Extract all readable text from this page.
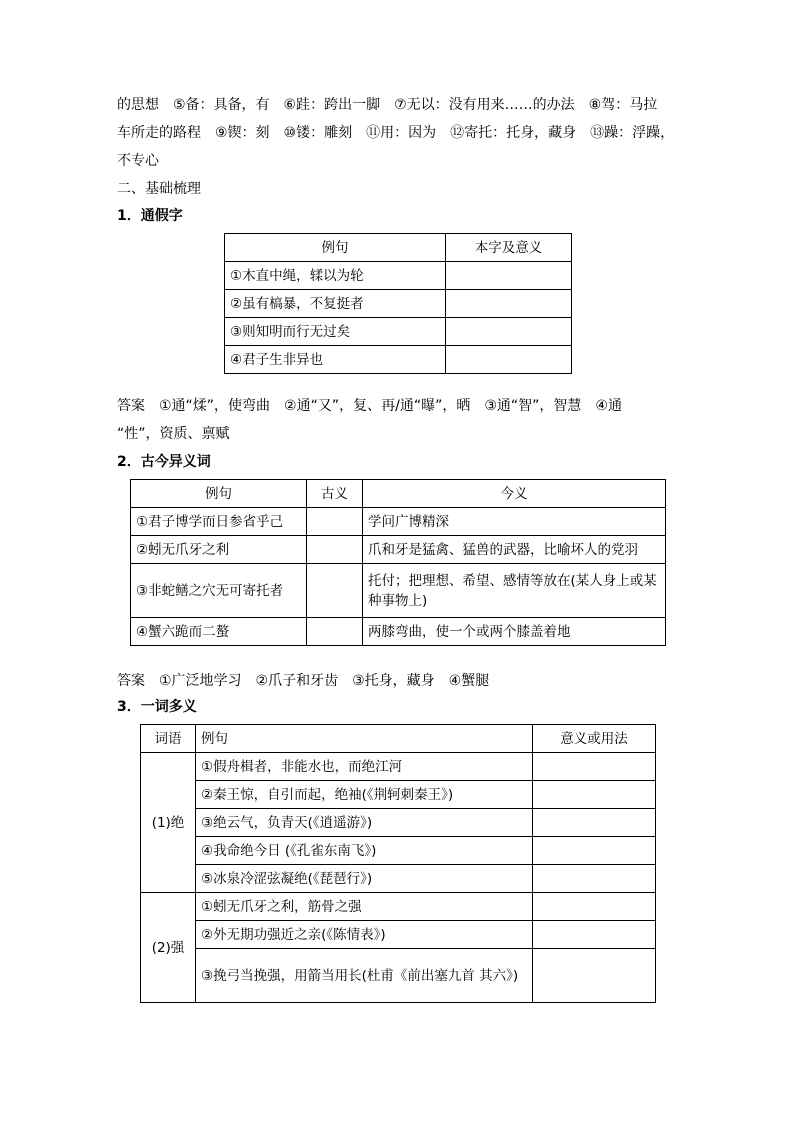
的思想　⑤备：具备，有　⑥跬：跨出一脚　⑦无以：没有用来……的办法　⑧驾：马拉
车所走的路程　⑨锲：刻　⑩镂：雕刻　⑪用：因为　⑫寄托：托身，藏身　⑬躁：浮躁，
不专心
二、基础梳理
1．通假字
例句	本字及意义
①木直中绳，𫐓以为轮	
②虽有槁暴，不复挺者	
③则知明而行无过矣	
④君子生非异也	
答案　①通“煣”，使弯曲　②通“又”，复、再/通“曝”，晒　③通“智”，智慧　④通
“性”，资质、禀赋
2．古今异义词
例句	古义	今义
①君子博学而日参省乎己		学问广博精深
②蚓无爪牙之利		爪和牙是猛禽、猛兽的武器，比喻坏人的党羽
③非蛇鳝之穴无可寄托者		托付；把理想、希望、感情等放在(某人身上或某种事物上)
④蟹六跪而二螯		两膝弯曲，使一个或两个膝盖着地
答案　①广泛地学习　②爪子和牙齿　③托身，藏身　④蟹腿
3．一词多义
词语	例句	意义或用法
(1)绝	①假舟楫者，非能水也，而绝江河	
	②秦王惊，自引而起，绝袖(《荆轲刺秦王》)	
	③绝云气，负青天(《逍遥游》)	
	④我命绝今日 (《孔雀东南飞》)	
	⑤冰泉冷涩弦凝绝(《琵琶行》)	
(2)强	①蚓无爪牙之利，筋骨之强	
	②外无期功强近之亲(《陈情表》)	
	③挽弓当挽强，用箭当用长(杜甫《前出塞九首 其六》)	
